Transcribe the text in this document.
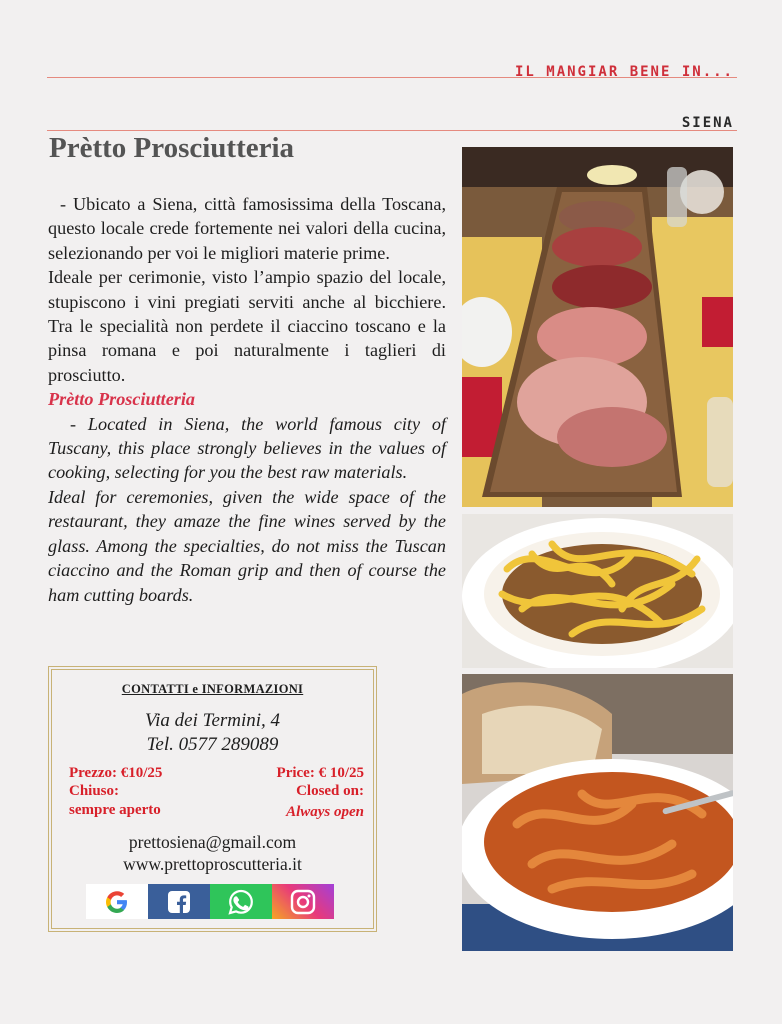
IL MANGIAR BENE IN...
SIENA
Prètto Prosciutteria

- Ubicato a Siena, città famosissima della Toscana, questo locale crede fortemente nei valori della cucina, selezionando per voi le migliori materie prime.

Ideale per cerimonie, visto l’ampio spazio del locale, stupiscono i vini pregiati serviti anche al bicchiere. Tra le specialità non perdete il ciaccino toscano e la pinsa romana e poi naturalmente i taglieri di prosciutto.

Prètto Prosciutteria

- Located in Siena, the world famous city of Tuscany, this place strongly believes in the values of cooking, selecting for you the best raw materials.

Ideal for ceremonies, given the wide space of the restaurant, they amaze the fine wines served by the glass. Among the specialties, do not miss the Tuscan ciaccino and the Roman grip and then of course the ham cutting boards.

CONTATTI e INFORMAZIONI
Via dei Termini, 4
Tel. 0577 289089
Prezzo: €10/25
Chiuso:
sempre aperto
Price: € 10/25
Closed on:
Always open
prettosiena@gmail.com
www.prettoproscutteria.it
